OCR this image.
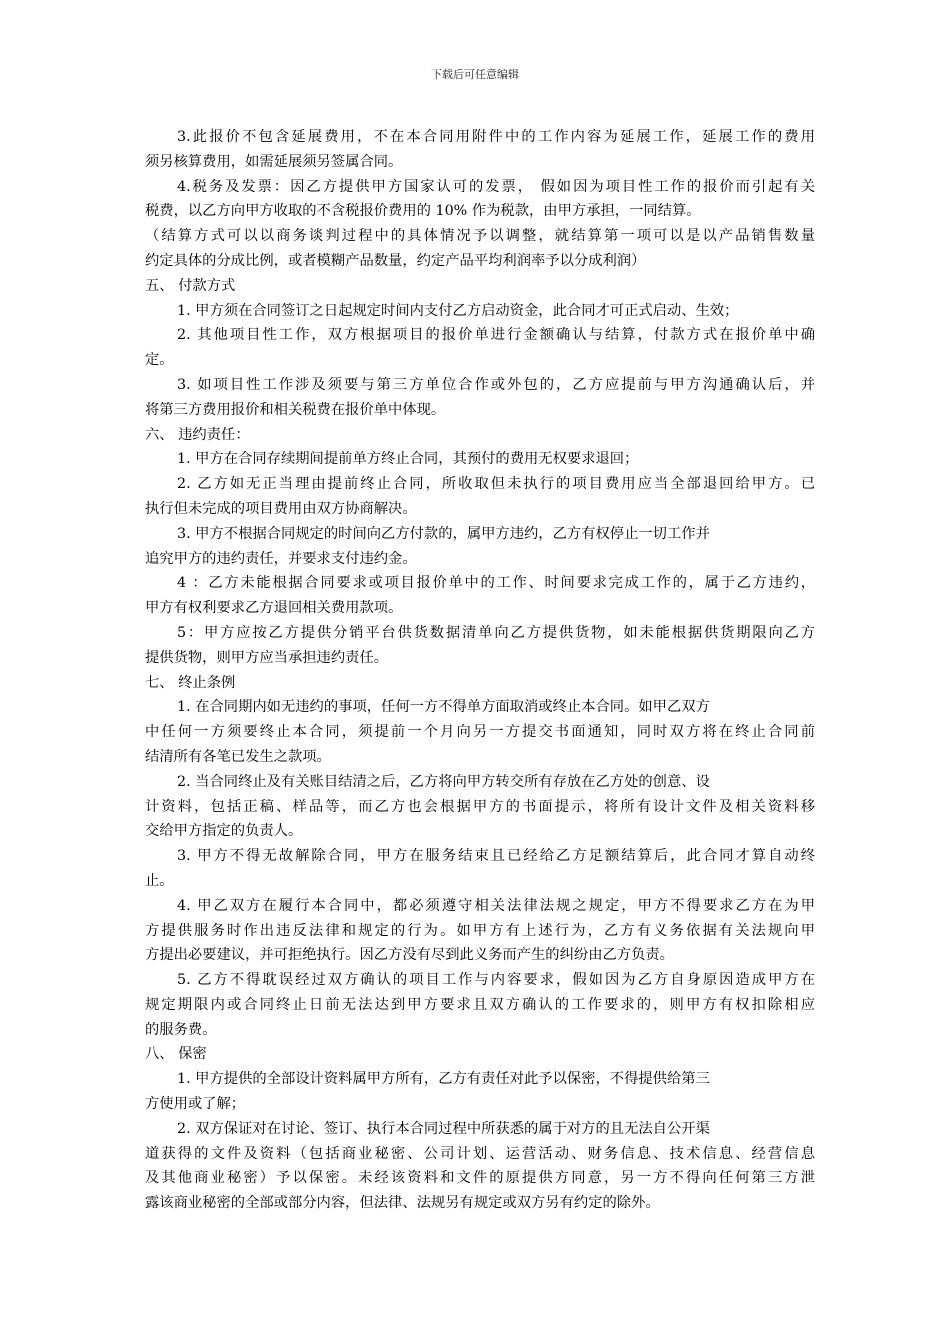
下载后可任意编辑
3.此报价不包含延展费用，不在本合同用附件中的工作内容为延展工作，延展工作的费用
须另核算费用，如需延展须另签属合同。
4.税务及发票：因乙方提供甲方国家认可的发票， 假如因为项目性工作的报价而引起有关
税费，以乙方向甲方收取的不含税报价费用的 10% 作为税款，由甲方承担，一同结算。
（结算方式可以以商务谈判过程中的具体情况予以调整，就结算第一项可以是以产品销售数量
约定具体的分成比例，或者模糊产品数量，约定产品平均利润率予以分成利润）
五、 付款方式
1. 甲方须在合同签订之日起规定时间内支付乙方启动资金，此合同才可正式启动、生效；
2. 其他项目性工作，双方根据项目的报价单进行金额确认与结算，付款方式在报价单中确
定。
3. 如项目性工作涉及须要与第三方单位合作或外包的，乙方应提前与甲方沟通确认后，并
将第三方费用报价和相关税费在报价单中体现。
六、 违约责任：
1. 甲方在合同存续期间提前单方终止合同，其预付的费用无权要求退回；
2. 乙方如无正当理由提前终止合同，所收取但未执行的项目费用应当全部退回给甲方。已
执行但未完成的项目费用由双方协商解决。
3. 甲方不根据合同规定的时间向乙方付款的，属甲方违约，乙方有权停止一切工作并
追究甲方的违约责任，并要求支付违约金。
4 ：乙方未能根据合同要求或项目报价单中的工作、时间要求完成工作的，属于乙方违约，
甲方有权利要求乙方退回相关费用款项。
5：甲方应按乙方提供分销平台供货数据清单向乙方提供货物，如未能根据供货期限向乙方
提供货物，则甲方应当承担违约责任。
七、 终止条例
1. 在合同期内如无违约的事项，任何一方不得单方面取消或终止本合同。如甲乙双方
中任何一方须要终止本合同，须提前一个月向另一方提交书面通知，同时双方将在终止合同前
结清所有各笔已发生之款项。
2. 当合同终止及有关账目结清之后，乙方将向甲方转交所有存放在乙方处的创意、设
计资料，包括正稿、样品等，而乙方也会根据甲方的书面提示，将所有设计文件及相关资料移
交给甲方指定的负责人。
3. 甲方不得无故解除合同，甲方在服务结束且已经给乙方足额结算后，此合同才算自动终
止。
4. 甲乙双方在履行本合同中，都必须遵守相关法律法规之规定，甲方不得要求乙方在为甲
方提供服务时作出违反法律和规定的行为。如甲方有上述行为，乙方有义务依据有关法规向甲
方提出必要建议，并可拒绝执行。因乙方没有尽到此义务而产生的纠纷由乙方负责。
5. 乙方不得耽误经过双方确认的项目工作与内容要求，假如因为乙方自身原因造成甲方在
规定期限内或合同终止日前无法达到甲方要求且双方确认的工作要求的，则甲方有权扣除相应
的服务费。
八、 保密
1. 甲方提供的全部设计资料属甲方所有，乙方有责任对此予以保密，不得提供给第三
方使用或了解；
2. 双方保证对在讨论、签订、执行本合同过程中所获悉的属于对方的且无法自公开渠
道获得的文件及资料（包括商业秘密、公司计划、运营活动、财务信息、技术信息、经营信息
及其他商业秘密）予以保密。未经该资料和文件的原提供方同意，另一方不得向任何第三方泄
露该商业秘密的全部或部分内容，但法律、法规另有规定或双方另有约定的除外。
